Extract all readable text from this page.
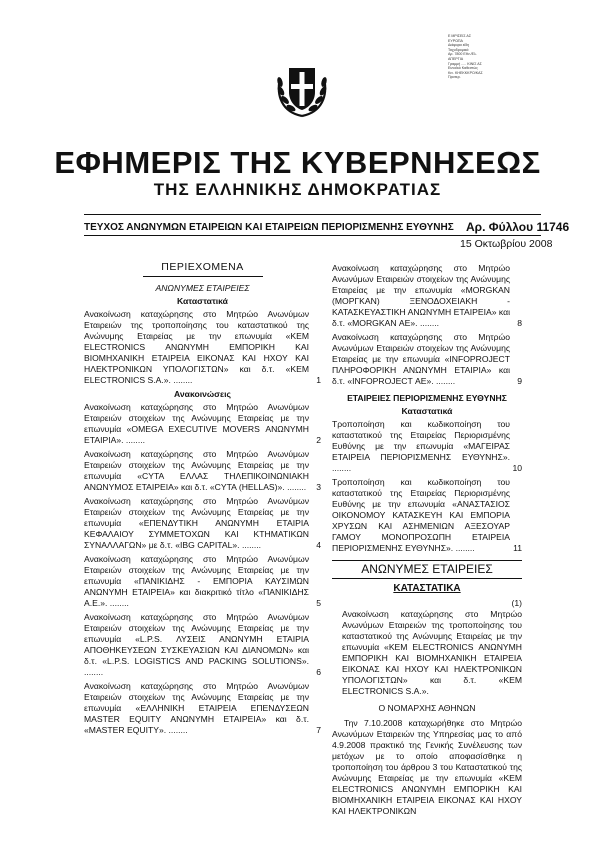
Ε ΜΡΙΣΕΙΣ ΑΣ
ΕΥΡΩΠΑ
Διάφορα είδη
Ταχυδρομικά
Αρ. 7800 Εθν./Ελ.
ΑΠΕΡΓΙΑ
Γραμμή ..... ΚΙΝΙΣ ΑΣ
Ευνοϊκό Καθεστώς
Κιν. ΚΗΕΚΚΚΡΟ/ΚΑΣ
Προτερ.
ΕΦΗΜΕΡΙΣ ΤΗΣ ΚΥΒΕΡΝΗΣΕΩΣ
ΤΗΣ ΕΛΛΗΝΙΚΗΣ ΔΗΜΟΚΡΑΤΙΑΣ
ΤΕΥΧΟΣ ΑΝΩΝΥΜΩΝ ΕΤΑΙΡΕΙΩΝ ΚΑΙ ΕΤΑΙΡΕΙΩΝ ΠΕΡΙΟΡΙΣΜΕΝΗΣ ΕΥΘΥΝΗΣ Αρ. Φύλλου 11746
15 Οκτωβρίου 2008
ΠΕΡΙΕΧΟΜΕΝΑ
ΑΝΩΝΥΜΕΣ ΕΤΑΙΡΕΙΕΣ
Καταστατικά
Ανακοίνωση καταχώρησης στο Μητρώο Ανωνύμων Εταιρειών της τροποποίησης του καταστατικού της Ανώνυμης Εταιρείας με την επωνυμία «ΚΕΜ ELECTRONICS ΑΝΩΝΥΜΗ ΕΜΠΟΡΙΚΗ ΚΑΙ ΒΙΟΜΗΧΑΝΙΚΗ ΕΤΑΙΡΕΙΑ ΕΙΚΟΝΑΣ ΚΑΙ ΗΧΟΥ ΚΑΙ ΗΛΕΚΤΡΟΝΙΚΩΝ ΥΠΟΛΟΓΙΣΤΩΝ» και δ.τ. «ΚΕΜ ELECTRONICS S.A.». ........	1
Ανακοινώσεις
Ανακοίνωση καταχώρησης στο Μητρώο Ανωνύμων Εταιρειών στοιχείων της Ανώνυμης Εταιρείας με την επωνυμία «OMEGA EXECUTIVE MOVERS ΑΝΩΝΥΜΗ ΕΤΑΙΡΙΑ». ........	2
Ανακοίνωση καταχώρησης στο Μητρώο Ανωνύμων Εταιρειών στοιχείων της Ανώνυμης Εταιρείας με την επωνυμία «CYTA ΕΛΛΑΣ ΤΗΛΕΠΙΚΟΙΝΩΝΙΑΚΗ ΑΝΩΝΥΜΟΣ ΕΤΑΙΡΕΙΑ» και δ.τ. «CYTA (HELLAS)». ........ 3
Ανακοίνωση καταχώρησης στο Μητρώο Ανωνύμων Εταιρειών στοιχείων της Ανώνυμης Εταιρείας με την επωνυμία «ΕΠΕΝΔΥΤΙΚΗ ΑΝΩΝΥΜΗ ΕΤΑΙΡΙΑ ΚΕΦΑΛΑΙΟΥ ΣΥΜΜΕΤΟΧΩΝ ΚΑΙ ΚΤΗΜΑΤΙΚΩΝ ΣΥΝΑΛΛΑΓΩΝ» με δ.τ. «IBG CAPITAL». ........	4
Ανακοίνωση καταχώρησης στο Μητρώο Ανωνύμων Εταιρειών στοιχείων της Ανώνυμης Εταιρείας με την επωνυμία «ΠΑΝΙΚΙΔΗΣ - ΕΜΠΟΡΙΑ ΚΑΥΣΙΜΩΝ ΑΝΩΝΥΜΗ ΕΤΑΙΡΕΙΑ» και διακριτικό τίτλο «ΠΑΝΙΚΙΔΗΣ Α.Ε.». ........	5
Ανακοίνωση καταχώρησης στο Μητρώο Ανωνύμων Εταιρειών στοιχείων της Ανώνυμης Εταιρείας με την επωνυμία «L.P.S. ΛΥΣΕΙΣ ΑΝΩΝΥΜΗ ΕΤΑΙΡΙΑ ΑΠΟΘΗΚΕΥΣΕΩΝ ΣΥΣΚΕΥΑΣΙΩΝ ΚΑΙ ΔΙΑΝΟΜΩΝ» και δ.τ. «L.P.S. LOGISTICS AND PACKING SOLUTIONS». ........	6
Ανακοίνωση καταχώρησης στο Μητρώο Ανωνύμων Εταιρειών στοιχείων της Ανώνυμης Εταιρείας με την επωνυμία «ΕΛΛΗΝΙΚΗ ΕΤΑΙΡΕΙΑ ΕΠΕΝΔΥΣΕΩΝ MASTER EQUITY ΑΝΩΝΥΜΗ ΕΤΑΙΡΕΙΑ» και δ.τ. «MASTER EQUITY». ........	7
Ανακοίνωση καταχώρησης στο Μητρώο Ανωνύμων Εταιρειών στοιχείων της Ανώνυμης Εταιρείας με την επωνυμία «MORGKAN (ΜΟΡΓΚΑΝ) ΞΕΝΟΔΟΧΕΙΑΚΗ - ΚΑΤΑΣΚΕΥΑΣΤΙΚΗ ΑΝΩΝΥΜΗ ΕΤΑΙΡΕΙΑ» και δ.τ. «MORGKAN ΑΕ». ........	8
Ανακοίνωση καταχώρησης στο Μητρώο Ανωνύμων Εταιρειών στοιχείων της Ανώνυμης Εταιρείας με την επωνυμία «INFOPROJECT ΠΛΗΡΟΦΟΡΙΚΗ ΑΝΩΝΥΜΗ ΕΤΑΙΡΙΑ» και δ.τ. «INFOPROJECT ΑΕ». ........	9
ΕΤΑΙΡΕΙΕΣ ΠΕΡΙΟΡΙΣΜΕΝΗΣ ΕΥΘΥΝΗΣ
Καταστατικά
Τροποποίηση και κωδικοποίηση του καταστατικού της Εταιρείας Περιορισμένης Ευθύνης με την επωνυμία «ΜΑΓΕΙΡΑΣ ΕΤΑΙΡΕΙΑ ΠΕΡΙΟΡΙΣΜΕΝΗΣ ΕΥΘΥΝΗΣ». ........	10
Τροποποίηση και κωδικοποίηση του καταστατικού της Εταιρείας Περιορισμένης Ευθύνης με την επωνυμία «ΑΝΑΣΤΑΣΙΟΣ ΟΙΚΟΝΟΜΟΥ ΚΑΤΑΣΚΕΥΗ ΚΑΙ ΕΜΠΟΡΙΑ ΧΡΥΣΩΝ ΚΑΙ ΑΣΗΜΕΝΙΩΝ ΑΞΕΣΟΥΑΡ ΓΑΜΟΥ ΜΟΝΟΠΡΟΣΩΠΗ ΕΤΑΙΡΕΙΑ ΠΕΡΙΟΡΙΣΜΕΝΗΣ ΕΥΘΥΝΗΣ». ........	11
ΑΝΩΝΥΜΕΣ ΕΤΑΙΡΕΙΕΣ
ΚΑΤΑΣΤΑΤΙΚΑ
(1)
Ανακοίνωση καταχώρησης στο Μητρώο Ανωνύμων Εταιρειών της τροποποίησης του καταστατικού της Ανώνυμης Εταιρείας με την επωνυμία «ΚΕΜ ELECTRONICS ΑΝΩΝΥΜΗ ΕΜΠΟΡΙΚΗ ΚΑΙ ΒΙΟΜΗΧΑΝΙΚΗ ΕΤΑΙΡΕΙΑ ΕΙΚΟΝΑΣ ΚΑΙ ΗΧΟΥ ΚΑΙ ΗΛΕΚΤΡΟΝΙΚΩΝ ΥΠΟΛΟΓΙΣΤΩΝ» και δ.τ. «ΚΕΜ ELECTRONICS S.A.».
Ο ΝΟΜΑΡΧΗΣ ΑΘΗΝΩΝ
Την 7.10.2008 καταχωρήθηκε στο Μητρώο Ανωνύμων Εταιρειών της Υπηρεσίας μας το από 4.9.2008 πρακτικό της Γενικής Συνέλευσης των μετόχων με το οποίο αποφασίσθηκε η τροποποίηση του άρθρου 3 του Καταστατικού της Ανώνυμης Εταιρείας με την επωνυμία «ΚΕΜ ELECTRONICS ΑΝΩΝΥΜΗ ΕΜΠΟΡΙΚΗ ΚΑΙ ΒΙΟΜΗΧΑΝΙΚΗ ΕΤΑΙΡΕΙΑ ΕΙΚΟΝΑΣ ΚΑΙ ΗΧΟΥ ΚΑΙ ΗΛΕΚΤΡΟΝΙΚΩΝ
